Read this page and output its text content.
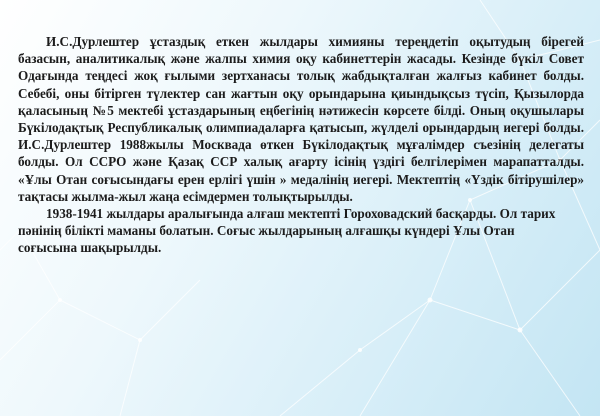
И.С.Дурлештер ұстаздық еткен жылдары химияны тереңдетіп оқытудың бірегей базасын, аналитикалық және жалпы химия оқу кабинеттерін жасады. Кезінде бүкіл Совет Одағында теңдесі жоқ ғылыми зертханасы толық жабдықталған жалғыз кабинет болды. Себебі, оны бітірген түлектер сан жағтын оқу орындарына қиындықсыз түсіп, Қызылорда қаласының №5 мектебі ұстаздарының еңбегінің нәтижесін көрсете білді. Оның оқушылары Бүкілодақтық Республикалық олимпиадаларға қатысып, жүлделі орындардың иегері болды. И.С.Дурлештер 1988жылы Москвада өткен Бүкілодақтық мұғалімдер съезінің делегаты болды. Ол ССРО және Қазақ ССР халық ағарту ісінің үздігі белгілерімен марапатталды. «Ұлы Отан соғысындағы ерен ерлігі үшін » медалінің иегері. Мектептің «Үздік бітірушілер» тақтасы жылма-жыл жаңа есімдермен толықтырылды.

1938-1941 жылдары аралығында алғаш мектепті Гороховадский басқарды. Ол тарих пәнінің білікті маманы болатын. Соғыс жылдарының алғашқы күндері Ұлы Отан соғысына шақырылды.
